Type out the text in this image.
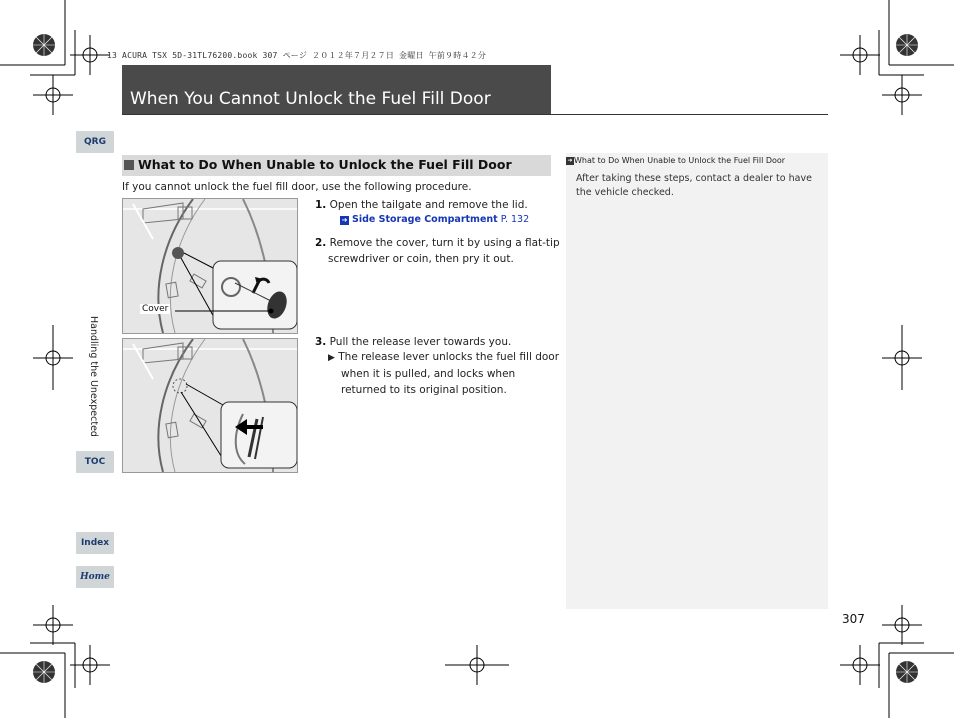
13 ACURA TSX 5D-31TL76200.book 307 ページ ２０１２年７月２７日 金曜日 午前９時４２分
When You Cannot Unlock the Fuel Fill Door
QRG
Handling the Unexpected
TOC
Index
Home
What to Do When Unable to Unlock the Fuel Fill Door
If you cannot unlock the fuel fill door, use the following procedure.
Cover
1. Open the tailgate and remove the lid.
➜ Side Storage Compartment P. 132
2. Remove the cover, turn it by using a flat-tip
screwdriver or coin, then pry it out.
3. Pull the release lever towards you.
▶ The release lever unlocks the fuel fill door
when it is pulled, and locks when
returned to its original position.
➜What to Do When Unable to Unlock the Fuel Fill Door
After taking these steps, contact a dealer to have the vehicle checked.
307
